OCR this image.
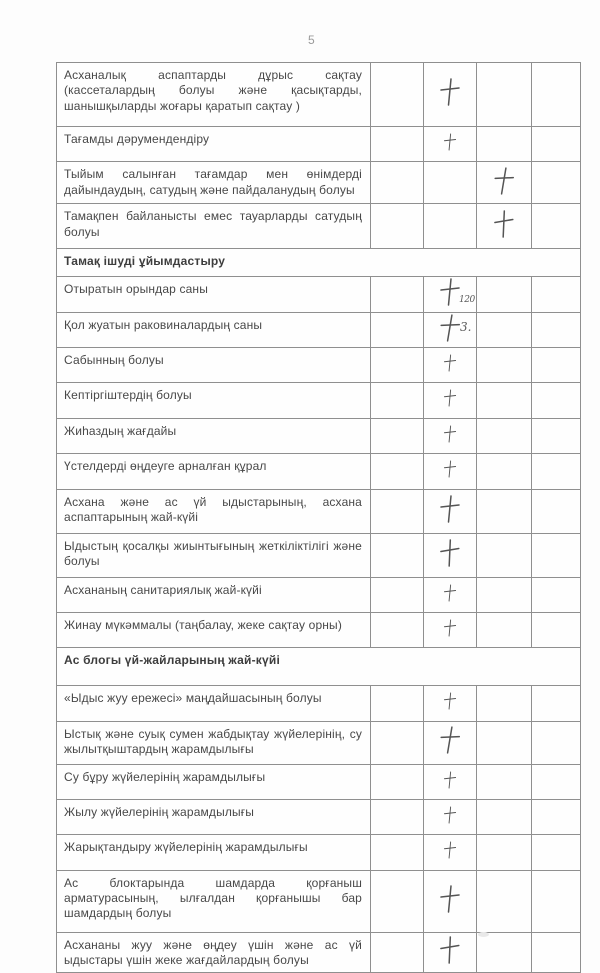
5
Асханалық аспаптарды дұрыс сақтау (кассеталардың болуы және қасықтарды, шанышқыларды жоғары қаратып сақтау )		

Тағамды дәрумендендіру		

Тыйым салынған тағамдар мен өнімдерді дайындаудың, сатудың және пайдаланудың болуы			

Тамақпен байланысты емес тауарларды сатудың болуы			

Тамақ ішуді ұйымдастыру				
Отыратын орындар саны		120		

Қол жуатын раковиналардың саны		3.		

Сабынның болуы		

Кептіргіштердің болуы		

Жиһаздың жағдайы		

Үстелдерді өңдеуге арналған құрал		

Асхана және ас үй ыдыстарының, асхана аспаптарының жай-күйі		

Ыдыстың қосалқы жиынтығының жеткіліктілігі және болуы		

Асхананың санитариялық жай-күйі		

Жинау мүкәммалы (таңбалау, жеке сақтау орны)		

Ас блогы үй-жайларының жай-күйі				
«Ыдыс жуу ережесі» маңдайшасының болуы		

Ыстық және суық сумен жабдықтау жүйелерінің, су жылытқыштардың жарамдылығы		

Су бұру жүйелерінің жарамдылығы		

Жылу жүйелерінің жарамдылығы		

Жарықтандыру жүйелерінің жарамдылығы		

Ас блоктарында шамдарда қорғаныш арматурасының, ылғалдан қорғанышы бар шамдардың болуы		

Асхананы жуу және өңдеу үшін және ас үй ыдыстары үшін жеке жағдайлардың болуы		
